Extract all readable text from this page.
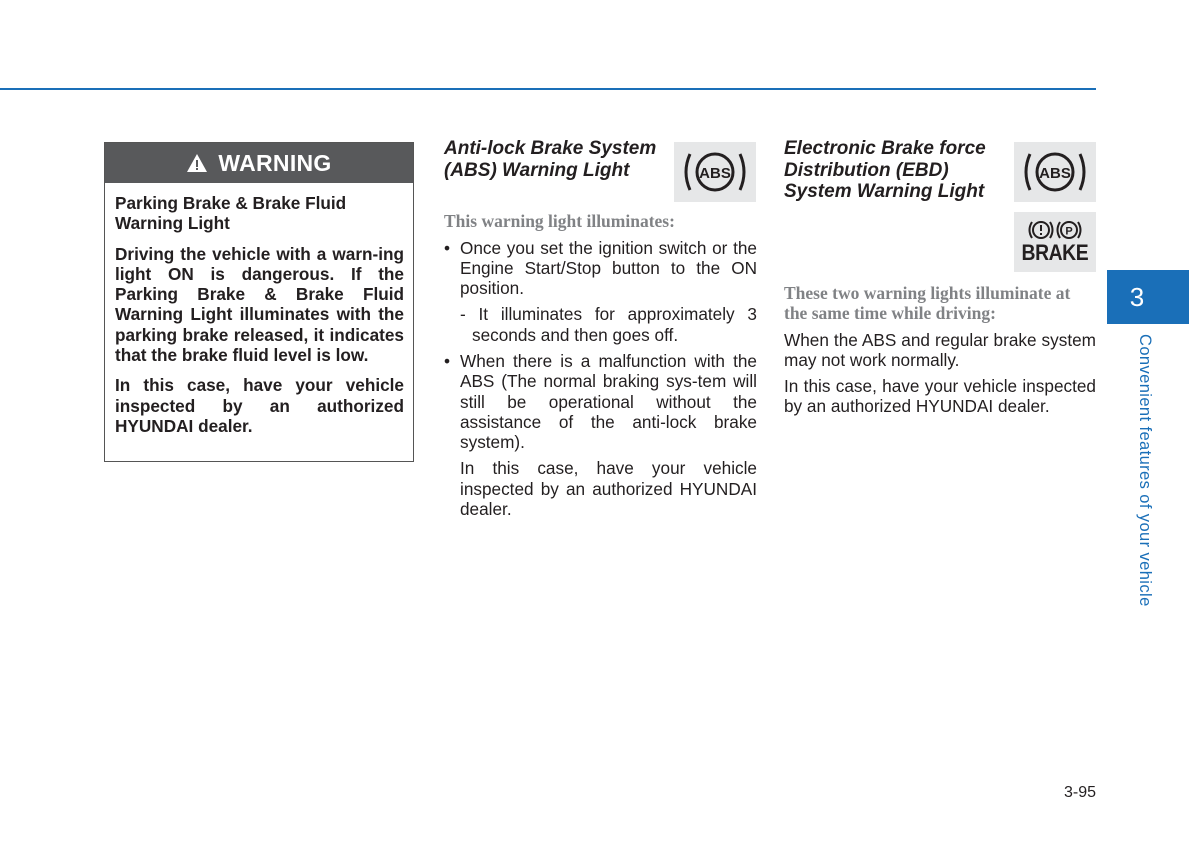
WARNING

Parking Brake & Brake Fluid Warning Light

Driving the vehicle with a warn-ing light ON is dangerous. If the Parking Brake & Brake Fluid Warning Light illuminates with the parking brake released, it indicates that the brake fluid level is low.

In this case, have your vehicle inspected by an authorized HYUNDAI dealer.

Anti-lock Brake System

(ABS) Warning Light

This warning light illuminates:

• Once you set the ignition switch or the Engine Start/Stop button to the ON position.

- It illuminates for approximately 3 seconds and then goes off.

• When there is a malfunction with the ABS (The normal braking sys-tem will still be operational without the assistance of the anti-lock brake system).

In this case, have your vehicle inspected by an authorized HYUNDAI dealer.

ABS

Electronic Brake force

Distribution (EBD)

System Warning Light

These two warning lights illuminate at the same time while driving:

When the ABS and regular brake system may not work normally.

In this case, have your vehicle inspected by an authorized HYUNDAI dealer.

ABS
P
BRAKE
3
Convenient features of your vehicle
3-95
